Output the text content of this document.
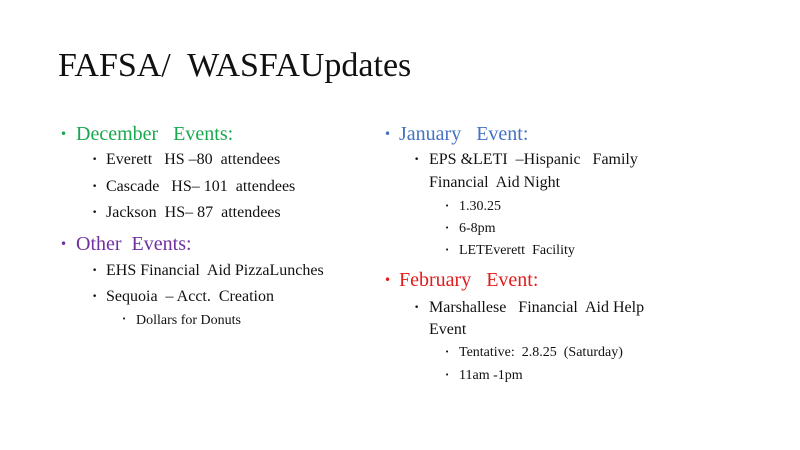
FAFSA/  WASFAUpdates
• December   Events:
• Everett   HS –80  attendees
• Cascade   HS– 101  attendees
• Jackson  HS– 87  attendees
• Other  Events:
• EHS Financial  Aid PizzaLunches
• Sequoia  – Acct.  Creation
• Dollars for Donuts
• January   Event:
• EPS &LETI  –Hispanic   Family
Financial  Aid Night
• 1.30.25
• 6-8pm
• LETEverett  Facility
• February   Event:
• Marshallese   Financial  Aid Help
Event
• Tentative:  2.8.25  (Saturday)
• 11am -1pm
